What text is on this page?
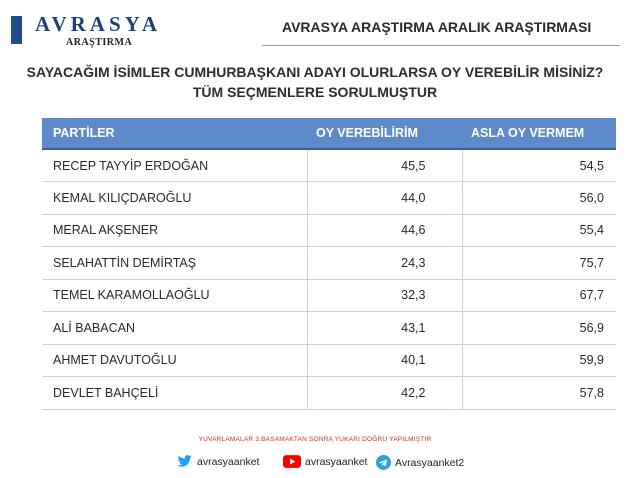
AVRASYA
ARAŞTIRMA
AVRASYA ARAŞTIRMA ARALIK ARAŞTIRMASI
SAYACAĞIM İSİMLER CUMHURBAŞKANI ADAYI OLURLARSA OY VEREBİLİR MİSİNİZ?
TÜM SEÇMENLERE SORULMUŞTUR
PARTİLER	OY VEREBİLİRİM	ASLA OY VERMEM
RECEP TAYYİP ERDOĞAN	45,5	54,5
KEMAL KILIÇDAROĞLU	44,0	56,0
MERAL AKŞENER	44,6	55,4
SELAHATTİN DEMİRTAŞ	24,3	75,7
TEMEL KARAMOLLAOĞLU	32,3	67,7
ALİ BABACAN	43,1	56,9
AHMET DAVUTOĞLU	40,1	59,9
DEVLET BAHÇELİ	42,2	57,8
YUVARLAMALAR 3.BASAMAKTAN SONRA YUKARI DOĞRU YAPILMIŞTIR
avrasyaanket	avrasyaanket	Avrasyaanket2
